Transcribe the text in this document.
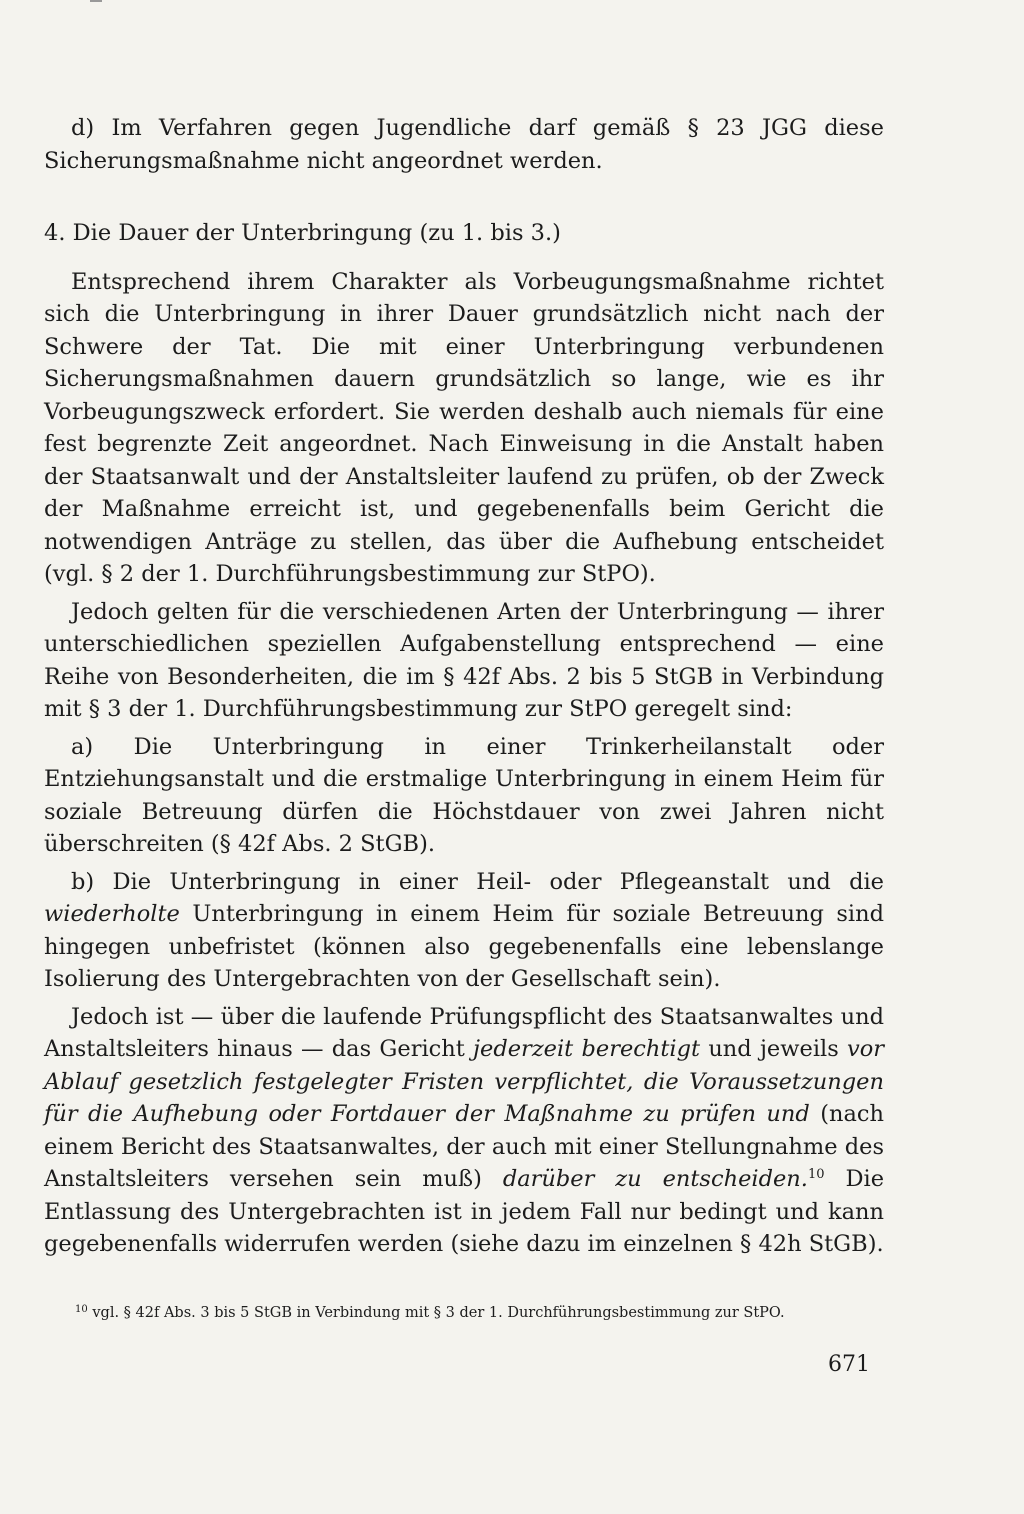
d) Im Verfahren gegen Jugendliche darf gemäß § 23 JGG diese Sicherungsmaßnahme nicht angeordnet werden.

4. Die Dauer der Unterbringung (zu 1. bis 3.)

Entsprechend ihrem Charakter als Vorbeugungsmaßnahme richtet sich die Unterbringung in ihrer Dauer grundsätzlich nicht nach der Schwere der Tat. Die mit einer Unterbringung verbundenen Sicherungsmaßnahmen dauern grundsätzlich so lange, wie es ihr Vorbeugungszweck erfordert. Sie werden deshalb auch niemals für eine fest begrenzte Zeit angeordnet. Nach Einweisung in die Anstalt haben der Staatsanwalt und der Anstaltsleiter laufend zu prüfen, ob der Zweck der Maßnahme erreicht ist, und gegebenenfalls beim Gericht die notwendigen Anträge zu stellen, das über die Aufhebung entscheidet (vgl. § 2 der 1. Durchführungsbestimmung zur StPO).

Jedoch gelten für die verschiedenen Arten der Unterbringung — ihrer unterschiedlichen speziellen Aufgabenstellung entsprechend — eine Reihe von Besonderheiten, die im § 42f Abs. 2 bis 5 StGB in Verbindung mit § 3 der 1. Durchführungsbestimmung zur StPO geregelt sind:

a) Die Unterbringung in einer Trinkerheilanstalt oder Entziehungsanstalt und die erstmalige Unterbringung in einem Heim für soziale Betreuung dürfen die Höchstdauer von zwei Jahren nicht überschreiten (§ 42f Abs. 2 StGB).

b) Die Unterbringung in einer Heil- oder Pflegeanstalt und die wiederholte Unterbringung in einem Heim für soziale Betreuung sind hingegen unbefristet (können also gegebenenfalls eine lebenslange Isolierung des Untergebrachten von der Gesellschaft sein).

Jedoch ist — über die laufende Prüfungspflicht des Staatsanwaltes und Anstaltsleiters hinaus — das Gericht jederzeit berechtigt und jeweils vor Ablauf gesetzlich festgelegter Fristen verpflichtet, die Voraussetzungen für die Aufhebung oder Fortdauer der Maßnahme zu prüfen und (nach einem Bericht des Staatsanwaltes, der auch mit einer Stellungnahme des Anstaltsleiters versehen sein muß) darüber zu entscheiden.$^{10}$ Die Entlassung des Untergebrachten ist in jedem Fall nur bedingt und kann gegebenenfalls widerrufen werden (siehe dazu im einzelnen § 42h StGB).

$^{10}$ vgl. § 42f Abs. 3 bis 5 StGB in Verbindung mit § 3 der 1. Durchführungsbestimmung zur StPO.
671
